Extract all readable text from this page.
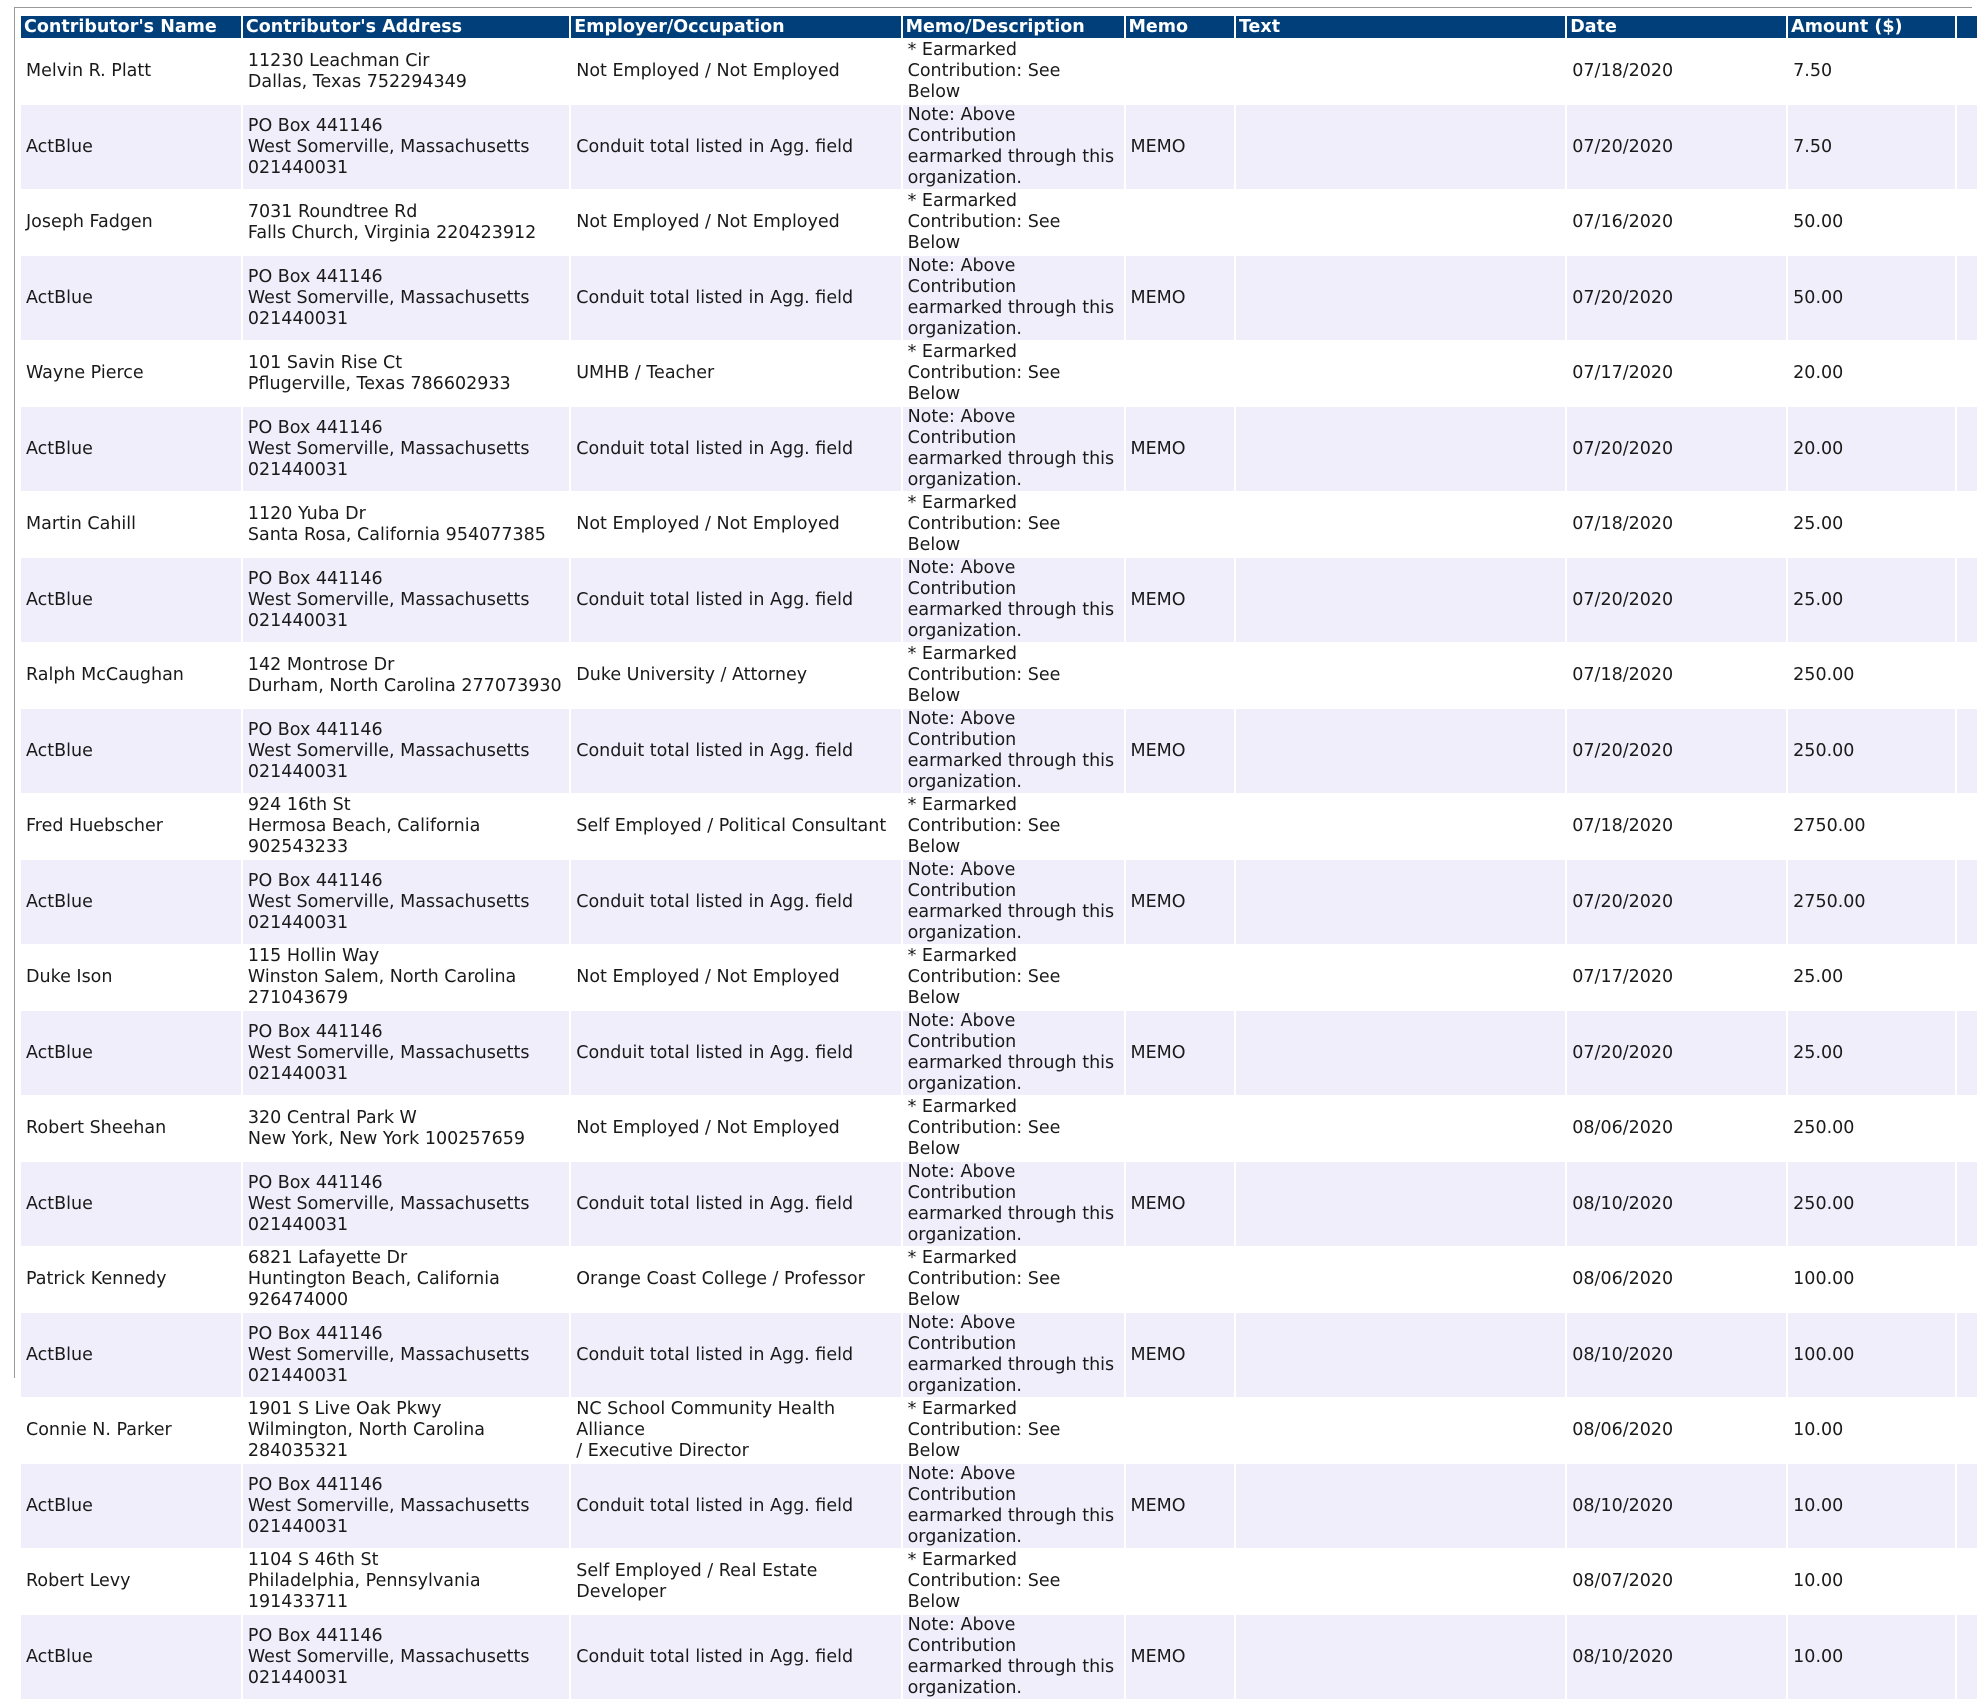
Contributor's Name	Contributor's Address	Employer/Occupation	Memo/Description	Memo	Text	Date	Amount ($)	
Melvin R. Platt	11230 Leachman Cir
Dallas, Texas 752294349	Not Employed / Not Employed	* Earmarked
Contribution: See Below			07/18/2020	7.50	
ActBlue	PO Box 441146
West Somerville, Massachusetts
021440031	Conduit total listed in Agg. field	Note: Above Contribution
earmarked through this
organization.	MEMO		07/20/2020	7.50	
Joseph Fadgen	7031 Roundtree Rd
Falls Church, Virginia 220423912	Not Employed / Not Employed	* Earmarked
Contribution: See Below			07/16/2020	50.00	
ActBlue	PO Box 441146
West Somerville, Massachusetts
021440031	Conduit total listed in Agg. field	Note: Above Contribution
earmarked through this
organization.	MEMO		07/20/2020	50.00	
Wayne Pierce	101 Savin Rise Ct
Pflugerville, Texas 786602933	UMHB / Teacher	* Earmarked
Contribution: See Below			07/17/2020	20.00	
ActBlue	PO Box 441146
West Somerville, Massachusetts
021440031	Conduit total listed in Agg. field	Note: Above Contribution
earmarked through this
organization.	MEMO		07/20/2020	20.00	
Martin Cahill	1120 Yuba Dr
Santa Rosa, California 954077385	Not Employed / Not Employed	* Earmarked
Contribution: See Below			07/18/2020	25.00	
ActBlue	PO Box 441146
West Somerville, Massachusetts
021440031	Conduit total listed in Agg. field	Note: Above Contribution
earmarked through this
organization.	MEMO		07/20/2020	25.00	
Ralph McCaughan	142 Montrose Dr
Durham, North Carolina 277073930	Duke University / Attorney	* Earmarked
Contribution: See Below			07/18/2020	250.00	
ActBlue	PO Box 441146
West Somerville, Massachusetts
021440031	Conduit total listed in Agg. field	Note: Above Contribution
earmarked through this
organization.	MEMO		07/20/2020	250.00	
Fred Huebscher	924 16th St
Hermosa Beach, California 902543233	Self Employed / Political Consultant	* Earmarked
Contribution: See Below			07/18/2020	2750.00	
ActBlue	PO Box 441146
West Somerville, Massachusetts
021440031	Conduit total listed in Agg. field	Note: Above Contribution
earmarked through this
organization.	MEMO		07/20/2020	2750.00	
Duke Ison	115 Hollin Way
Winston Salem, North Carolina
271043679	Not Employed / Not Employed	* Earmarked
Contribution: See Below			07/17/2020	25.00	
ActBlue	PO Box 441146
West Somerville, Massachusetts
021440031	Conduit total listed in Agg. field	Note: Above Contribution
earmarked through this
organization.	MEMO		07/20/2020	25.00	
Robert Sheehan	320 Central Park W
New York, New York 100257659	Not Employed / Not Employed	* Earmarked
Contribution: See Below			08/06/2020	250.00	
ActBlue	PO Box 441146
West Somerville, Massachusetts
021440031	Conduit total listed in Agg. field	Note: Above Contribution
earmarked through this
organization.	MEMO		08/10/2020	250.00	
Patrick Kennedy	6821 Lafayette Dr
Huntington Beach, California
926474000	Orange Coast College / Professor	* Earmarked
Contribution: See Below			08/06/2020	100.00	
ActBlue	PO Box 441146
West Somerville, Massachusetts
021440031	Conduit total listed in Agg. field	Note: Above Contribution
earmarked through this
organization.	MEMO		08/10/2020	100.00	
Connie N. Parker	1901 S Live Oak Pkwy
Wilmington, North Carolina
284035321	NC School Community Health Alliance
/ Executive Director	* Earmarked
Contribution: See Below			08/06/2020	10.00	
ActBlue	PO Box 441146
West Somerville, Massachusetts
021440031	Conduit total listed in Agg. field	Note: Above Contribution
earmarked through this
organization.	MEMO		08/10/2020	10.00	
Robert Levy	1104 S 46th St
Philadelphia, Pennsylvania 191433711	Self Employed / Real Estate Developer	* Earmarked
Contribution: See Below			08/07/2020	10.00	
ActBlue	PO Box 441146
West Somerville, Massachusetts
021440031	Conduit total listed in Agg. field	Note: Above Contribution
earmarked through this
organization.	MEMO		08/10/2020	10.00	
